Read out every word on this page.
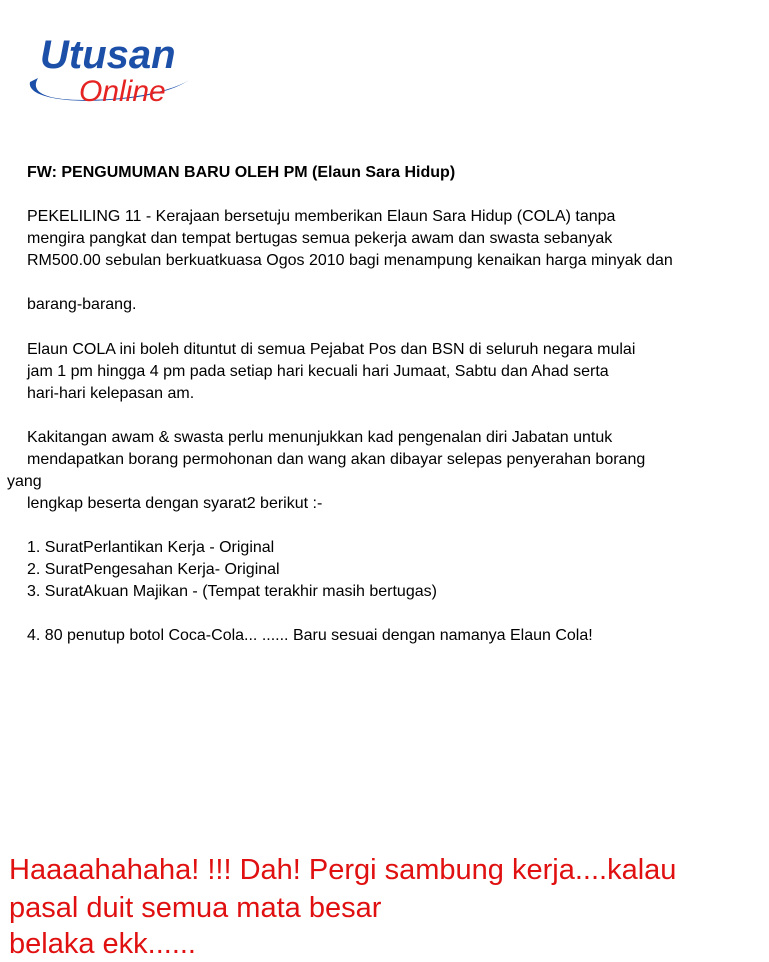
Utusan
Online
FW: PENGUMUMAN BARU OLEH PM (Elaun Sara Hidup)
PEKELILING 11 - Kerajaan bersetuju memberikan Elaun Sara Hidup (COLA) tanpa
mengira pangkat dan tempat bertugas semua pekerja awam dan swasta sebanyak
RM500.00 sebulan berkuatkuasa Ogos 2010 bagi menampung kenaikan harga minyak dan
barang-barang.
Elaun COLA ini boleh dituntut di semua Pejabat Pos dan BSN di seluruh negara mulai
jam 1 pm hingga 4 pm pada setiap hari kecuali hari Jumaat, Sabtu dan Ahad serta
hari-hari kelepasan am.
Kakitangan awam & swasta perlu menunjukkan kad pengenalan diri Jabatan untuk
mendapatkan borang permohonan dan wang akan dibayar selepas penyerahan borang
yang
lengkap beserta dengan syarat2 berikut :-
1. SuratPerlantikan Kerja - Original
2. SuratPengesahan Kerja- Original
3. SuratAkuan Majikan - (Tempat terakhir masih bertugas)
4. 80 penutup botol Coca-Cola... ...... Baru sesuai dengan namanya Elaun Cola!
Haaaahahaha! !!! Dah! Pergi sambung kerja....kalau
pasal duit semua mata besar
belaka ekk......
